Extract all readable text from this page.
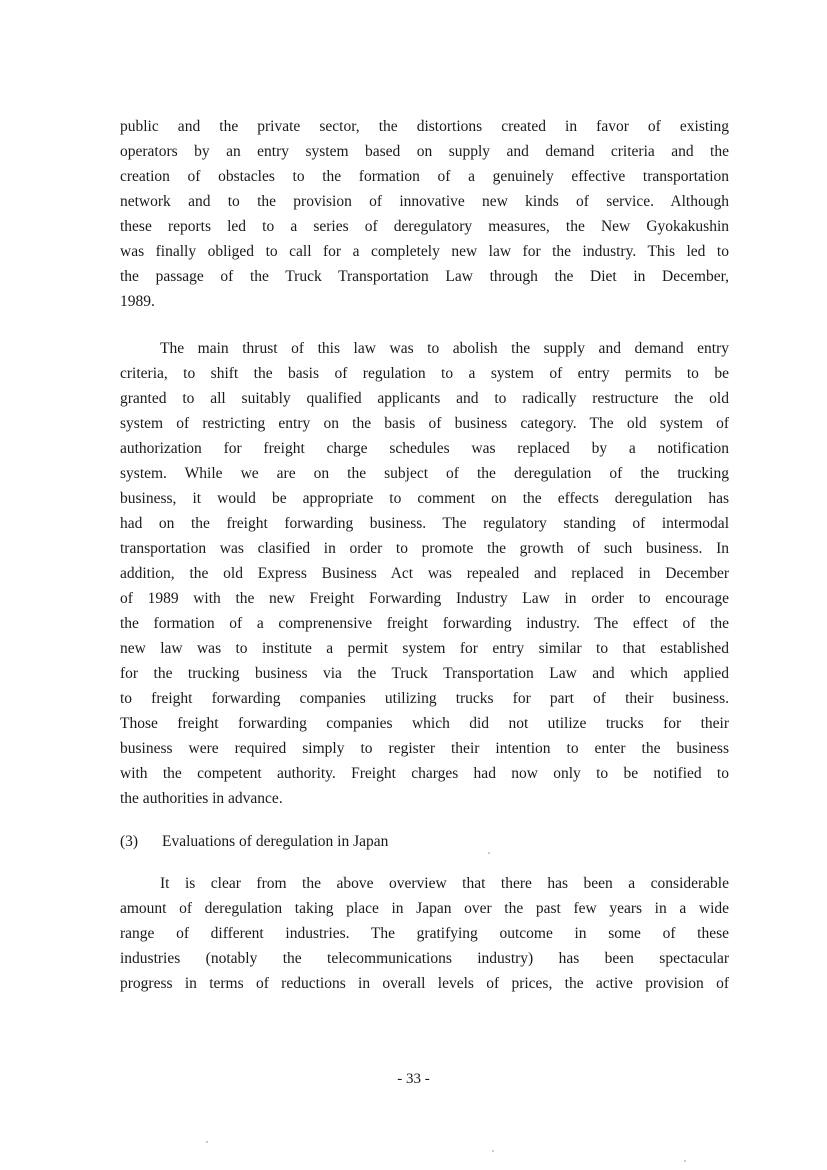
public and the private sector, the distortions created in favor of existing
operators by an entry system based on supply and demand criteria and the
creation of obstacles to the formation of a genuinely effective transportation
network and to the provision of innovative new kinds of service. Although
these reports led to a series of deregulatory measures, the New Gyokakushin
was finally obliged to call for a completely new law for the industry. This led to
the passage of the Truck Transportation Law through the Diet in December,
1989.
The main thrust of this law was to abolish the supply and demand entry
criteria, to shift the basis of regulation to a system of entry permits to be
granted to all suitably qualified applicants and to radically restructure the old
system of restricting entry on the basis of business category. The old system of
authorization for freight charge schedules was replaced by a notification
system. While we are on the subject of the deregulation of the trucking
business, it would be appropriate to comment on the effects deregulation has
had on the freight forwarding business. The regulatory standing of intermodal
transportation was clasified in order to promote the growth of such business. In
addition, the old Express Business Act was repealed and replaced in December
of 1989 with the new Freight Forwarding Industry Law in order to encourage
the formation of a comprenensive freight forwarding industry. The effect of the
new law was to institute a permit system for entry similar to that established
for the trucking business via the Truck Transportation Law and which applied
to freight forwarding companies utilizing trucks for part of their business.
Those freight forwarding companies which did not utilize trucks for their
business were required simply to register their intention to enter the business
with the competent authority. Freight charges had now only to be notified to
the authorities in advance.
(3) Evaluations of deregulation in Japan
It is clear from the above overview that there has been a considerable
amount of deregulation taking place in Japan over the past few years in a wide
range of different industries. The gratifying outcome in some of these
industries (notably the telecommunications industry) has been spectacular
progress in terms of reductions in overall levels of prices, the active provision of
- 33 -
